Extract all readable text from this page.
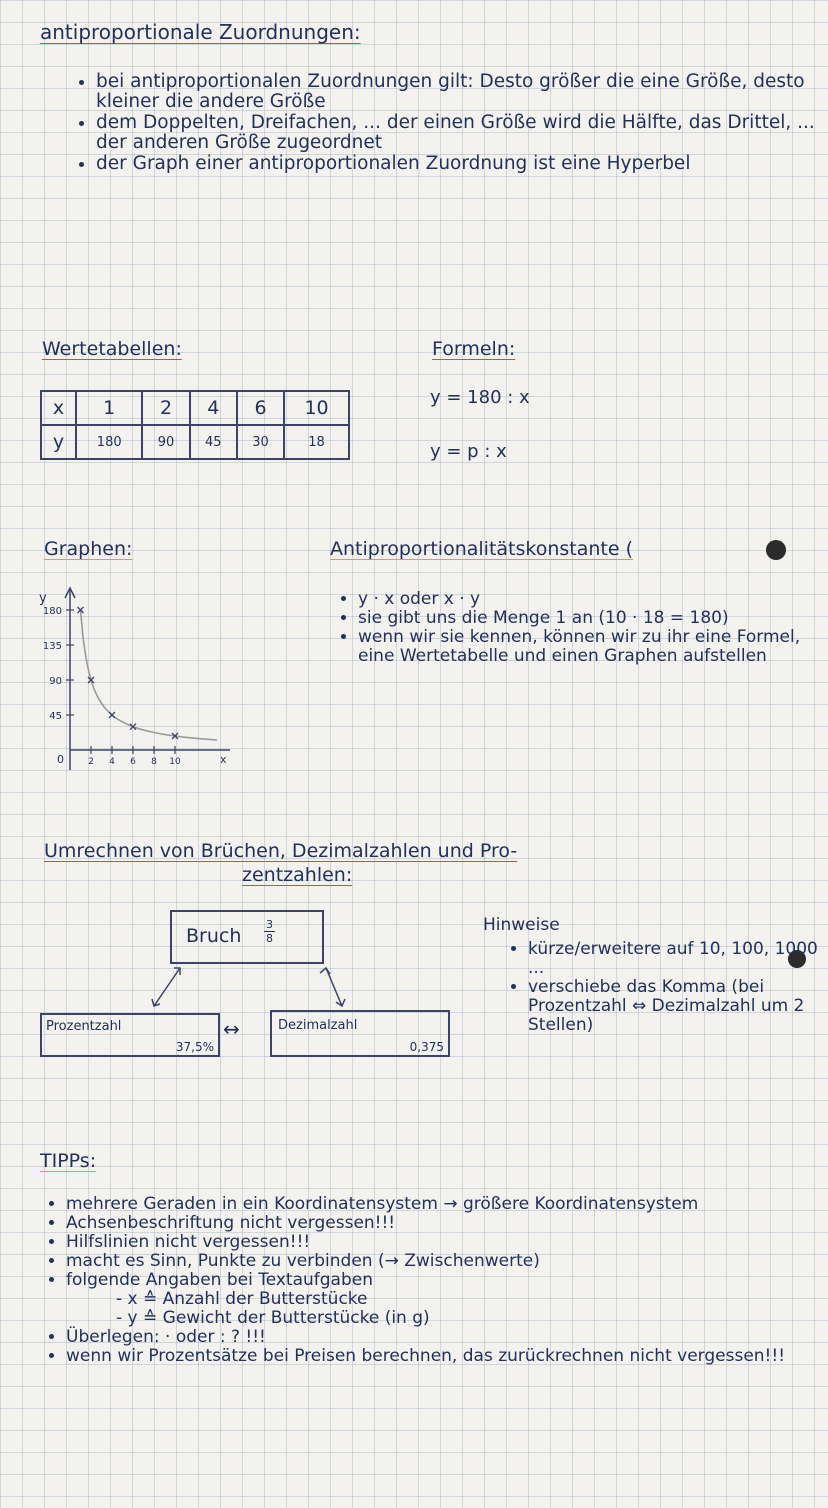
antiproportionale Zuordnungen:
• bei antiproportionalen Zuordnungen gilt: Desto größer die eine Größe, desto kleiner die andere Größe
• dem Doppelten, Dreifachen, ... der einen Größe wird die Hälfte, das Drittel, ... der anderen Größe zugeordnet
• der Graph einer antiproportionalen Zuordnung ist eine Hyperbel
Wertetabellen:
x	1	2	4	6	10
y	180	90	45	30	18
Formeln:
y = 180 : x
y = p : x
Graphen:
y
x
0
180
135
90
45
2 4 6 8 10
Antiproportionalitätskonstante (
• y · x oder x · y
• sie gibt uns die Menge 1 an (10 · 18 = 180)
• wenn wir sie kennen, können wir zu ihr eine Formel, eine Wertetabelle und einen Graphen aufstellen
Umrechnen von Brüchen, Dezimalzahlen und Pro-
zentzahlen:
Bruch $\frac{3}{8}$
Prozentzahl
37,5%
↔	Dezimalzahl
0,375
Hinweise
• kürze/erweitere auf 10, 100, 1000 ...
• verschiebe das Komma (bei Prozentzahl ⇔ Dezimalzahl um 2 Stellen)
TIPPs:
• mehrere Geraden in ein Koordinatensystem → größere Koordinatensystem
• Achsenbeschriftung nicht vergessen!!!
• Hilfslinien nicht vergessen!!!
• macht es Sinn, Punkte zu verbinden (→ Zwischenwerte)
• folgende Angaben bei Textaufgaben
- x ≙ Anzahl der Butterstücke
- y ≙ Gewicht der Butterstücke (in g)
• Überlegen: · oder : ? !!!
• wenn wir Prozentsätze bei Preisen berechnen, das zurückrechnen nicht vergessen!!!
